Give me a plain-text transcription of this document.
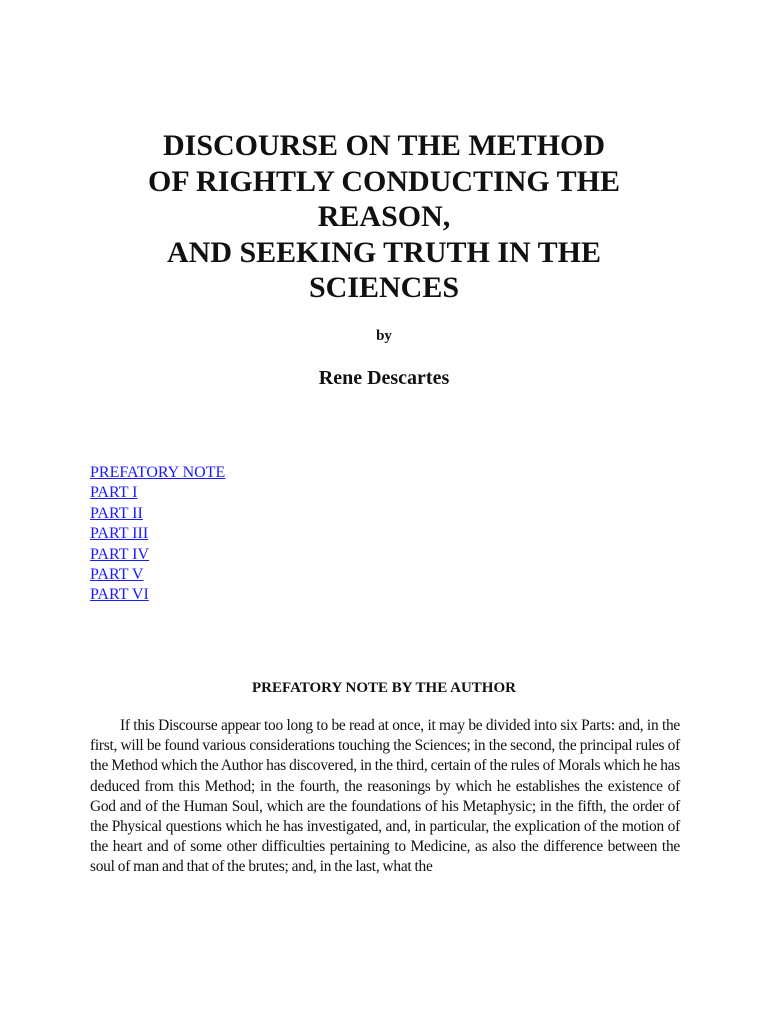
DISCOURSE ON THE METHOD
OF RIGHTLY CONDUCTING THE
REASON,
AND SEEKING TRUTH IN THE
SCIENCES
by
Rene Descartes
PREFATORY NOTE
PART I
PART II
PART III
PART IV
PART V
PART VI
PREFATORY NOTE BY THE AUTHOR

If this Discourse appear too long to be read at once, it may be divided into six Parts: and, in the first, will be found various considerations touching the Sciences; in the second, the principal rules of the Method which the Author has discovered, in the third, certain of the rules of Morals which he has deduced from this Method; in the fourth, the reasonings by which he establishes the existence of God and of the Human Soul, which are the foundations of his Metaphysic; in the fifth, the order of the Physical questions which he has investigated, and, in particular, the explication of the motion of the heart and of some other difficulties pertaining to Medicine, as also the difference between the soul of man and that of the brutes; and, in the last, what the
